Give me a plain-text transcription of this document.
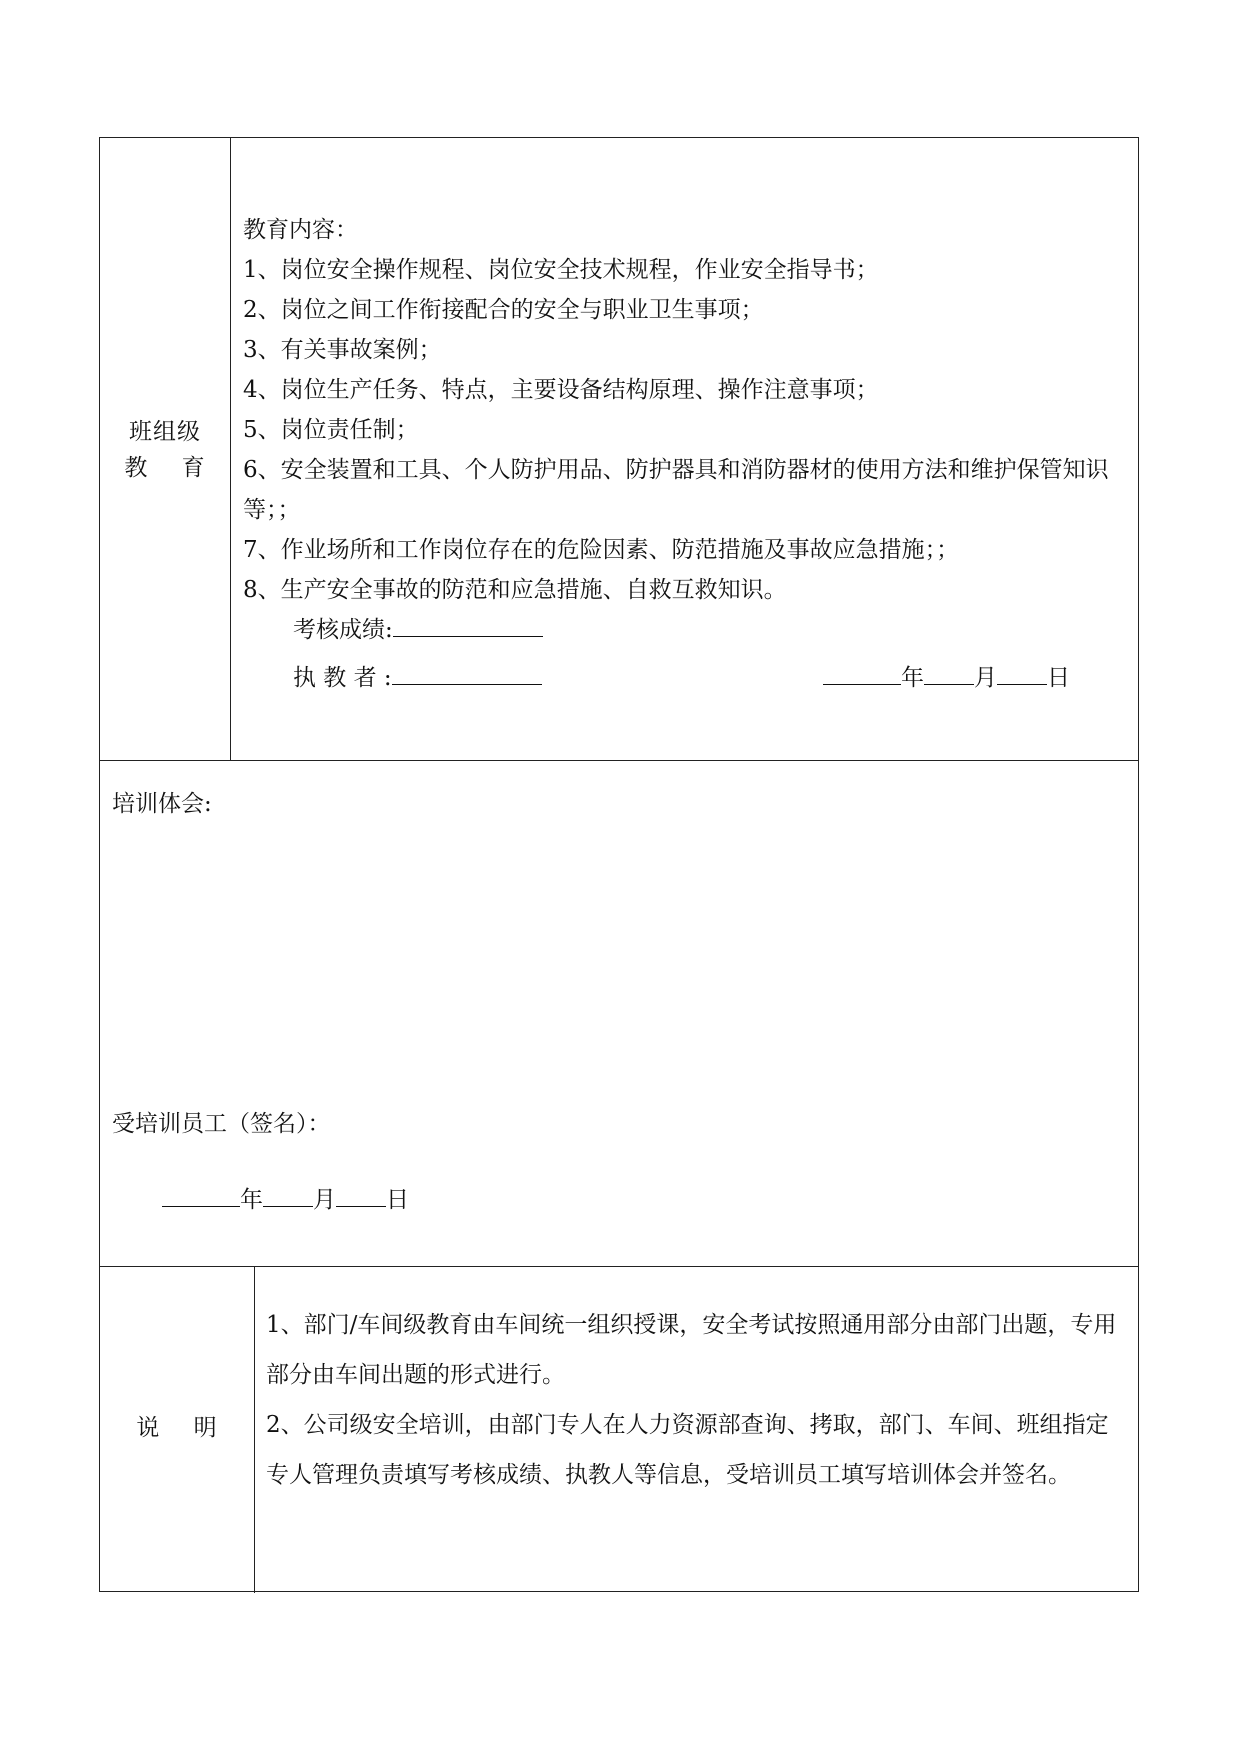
班组级
教    育
教育内容：
1、岗位安全操作规程、岗位安全技术规程，作业安全指导书；
2、岗位之间工作衔接配合的安全与职业卫生事项；
3、有关事故案例；
4、岗位生产任务、特点，主要设备结构原理、操作注意事项；
5、岗位责任制；
6、安全装置和工具、个人防护用品、防护器具和消防器材的使用方法和维护保管知识等；；
7、作业场所和工作岗位存在的危险因素、防范措施及事故应急措施；；
8、生产安全事故的防范和应急措施、自救互救知识。
考核成绩:
执 教 者 :	年 月 日
培训体会:
受培训员工（签名）：
年 月 日
说    明

1、部门/车间级教育由车间统一组织授课，安全考试按照通用部分由部门出题，专用部分由车间出题的形式进行。

2、公司级安全培训，由部门专人在人力资源部查询、拷取，部门、车间、班组指定专人管理负责填写考核成绩、执教人等信息，受培训员工填写培训体会并签名。
